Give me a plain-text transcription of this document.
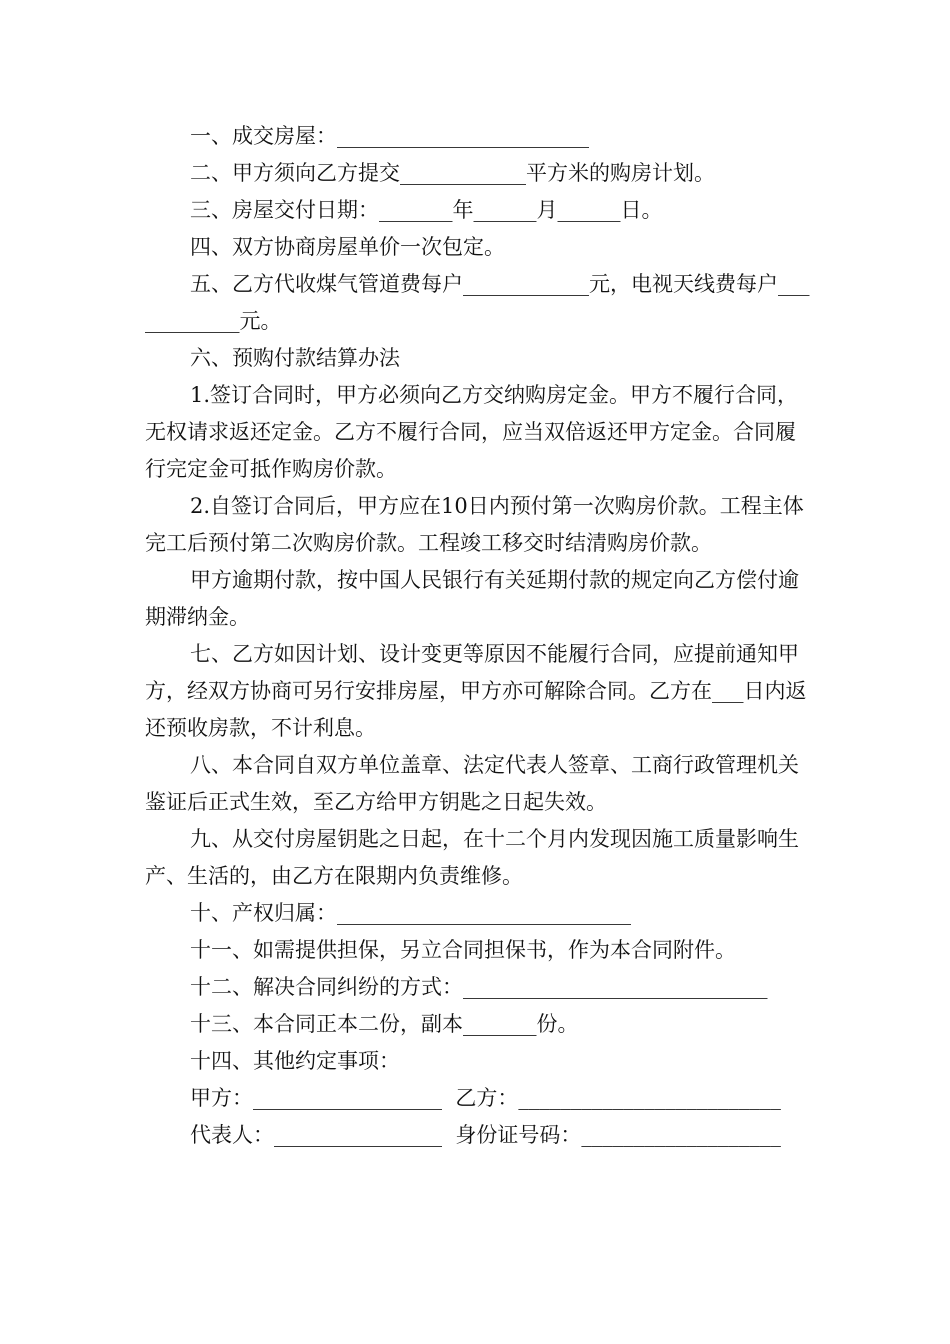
一、成交房屋：________________________

二、甲方须向乙方提交____________平方米的购房计划。

三、房屋交付日期：_______年______月______日。

四、双方协商房屋单价一次包定。

五、乙方代收煤气管道费每户____________元，电视天线费每户____________元。

六、预购付款结算办法

1.签订合同时，甲方必须向乙方交纳购房定金。甲方不履行合同，无权请求返还定金。乙方不履行合同，应当双倍返还甲方定金。合同履行完定金可抵作购房价款。

2.自签订合同后，甲方应在10日内预付第一次购房价款。工程主体完工后预付第二次购房价款。工程竣工移交时结清购房价款。

甲方逾期付款，按中国人民银行有关延期付款的规定向乙方偿付逾期滞纳金。

七、乙方如因计划、设计变更等原因不能履行合同，应提前通知甲方，经双方协商可另行安排房屋，甲方亦可解除合同。乙方在___日内返还预收房款，不计利息。

八、本合同自双方单位盖章、法定代表人签章、工商行政管理机关鉴证后正式生效，至乙方给甲方钥匙之日起失效。

九、从交付房屋钥匙之日起，在十二个月内发现因施工质量影响生产、生活的，由乙方在限期内负责维修。

十、产权归属：____________________________

十一、如需提供担保，另立合同担保书，作为本合同附件。

十二、解决合同纠纷的方式：_____________________________

十三、本合同正本二份，副本_______份。

十四、其他约定事项：

甲方：__________________  乙方：_________________________

代表人：________________  身份证号码：___________________
